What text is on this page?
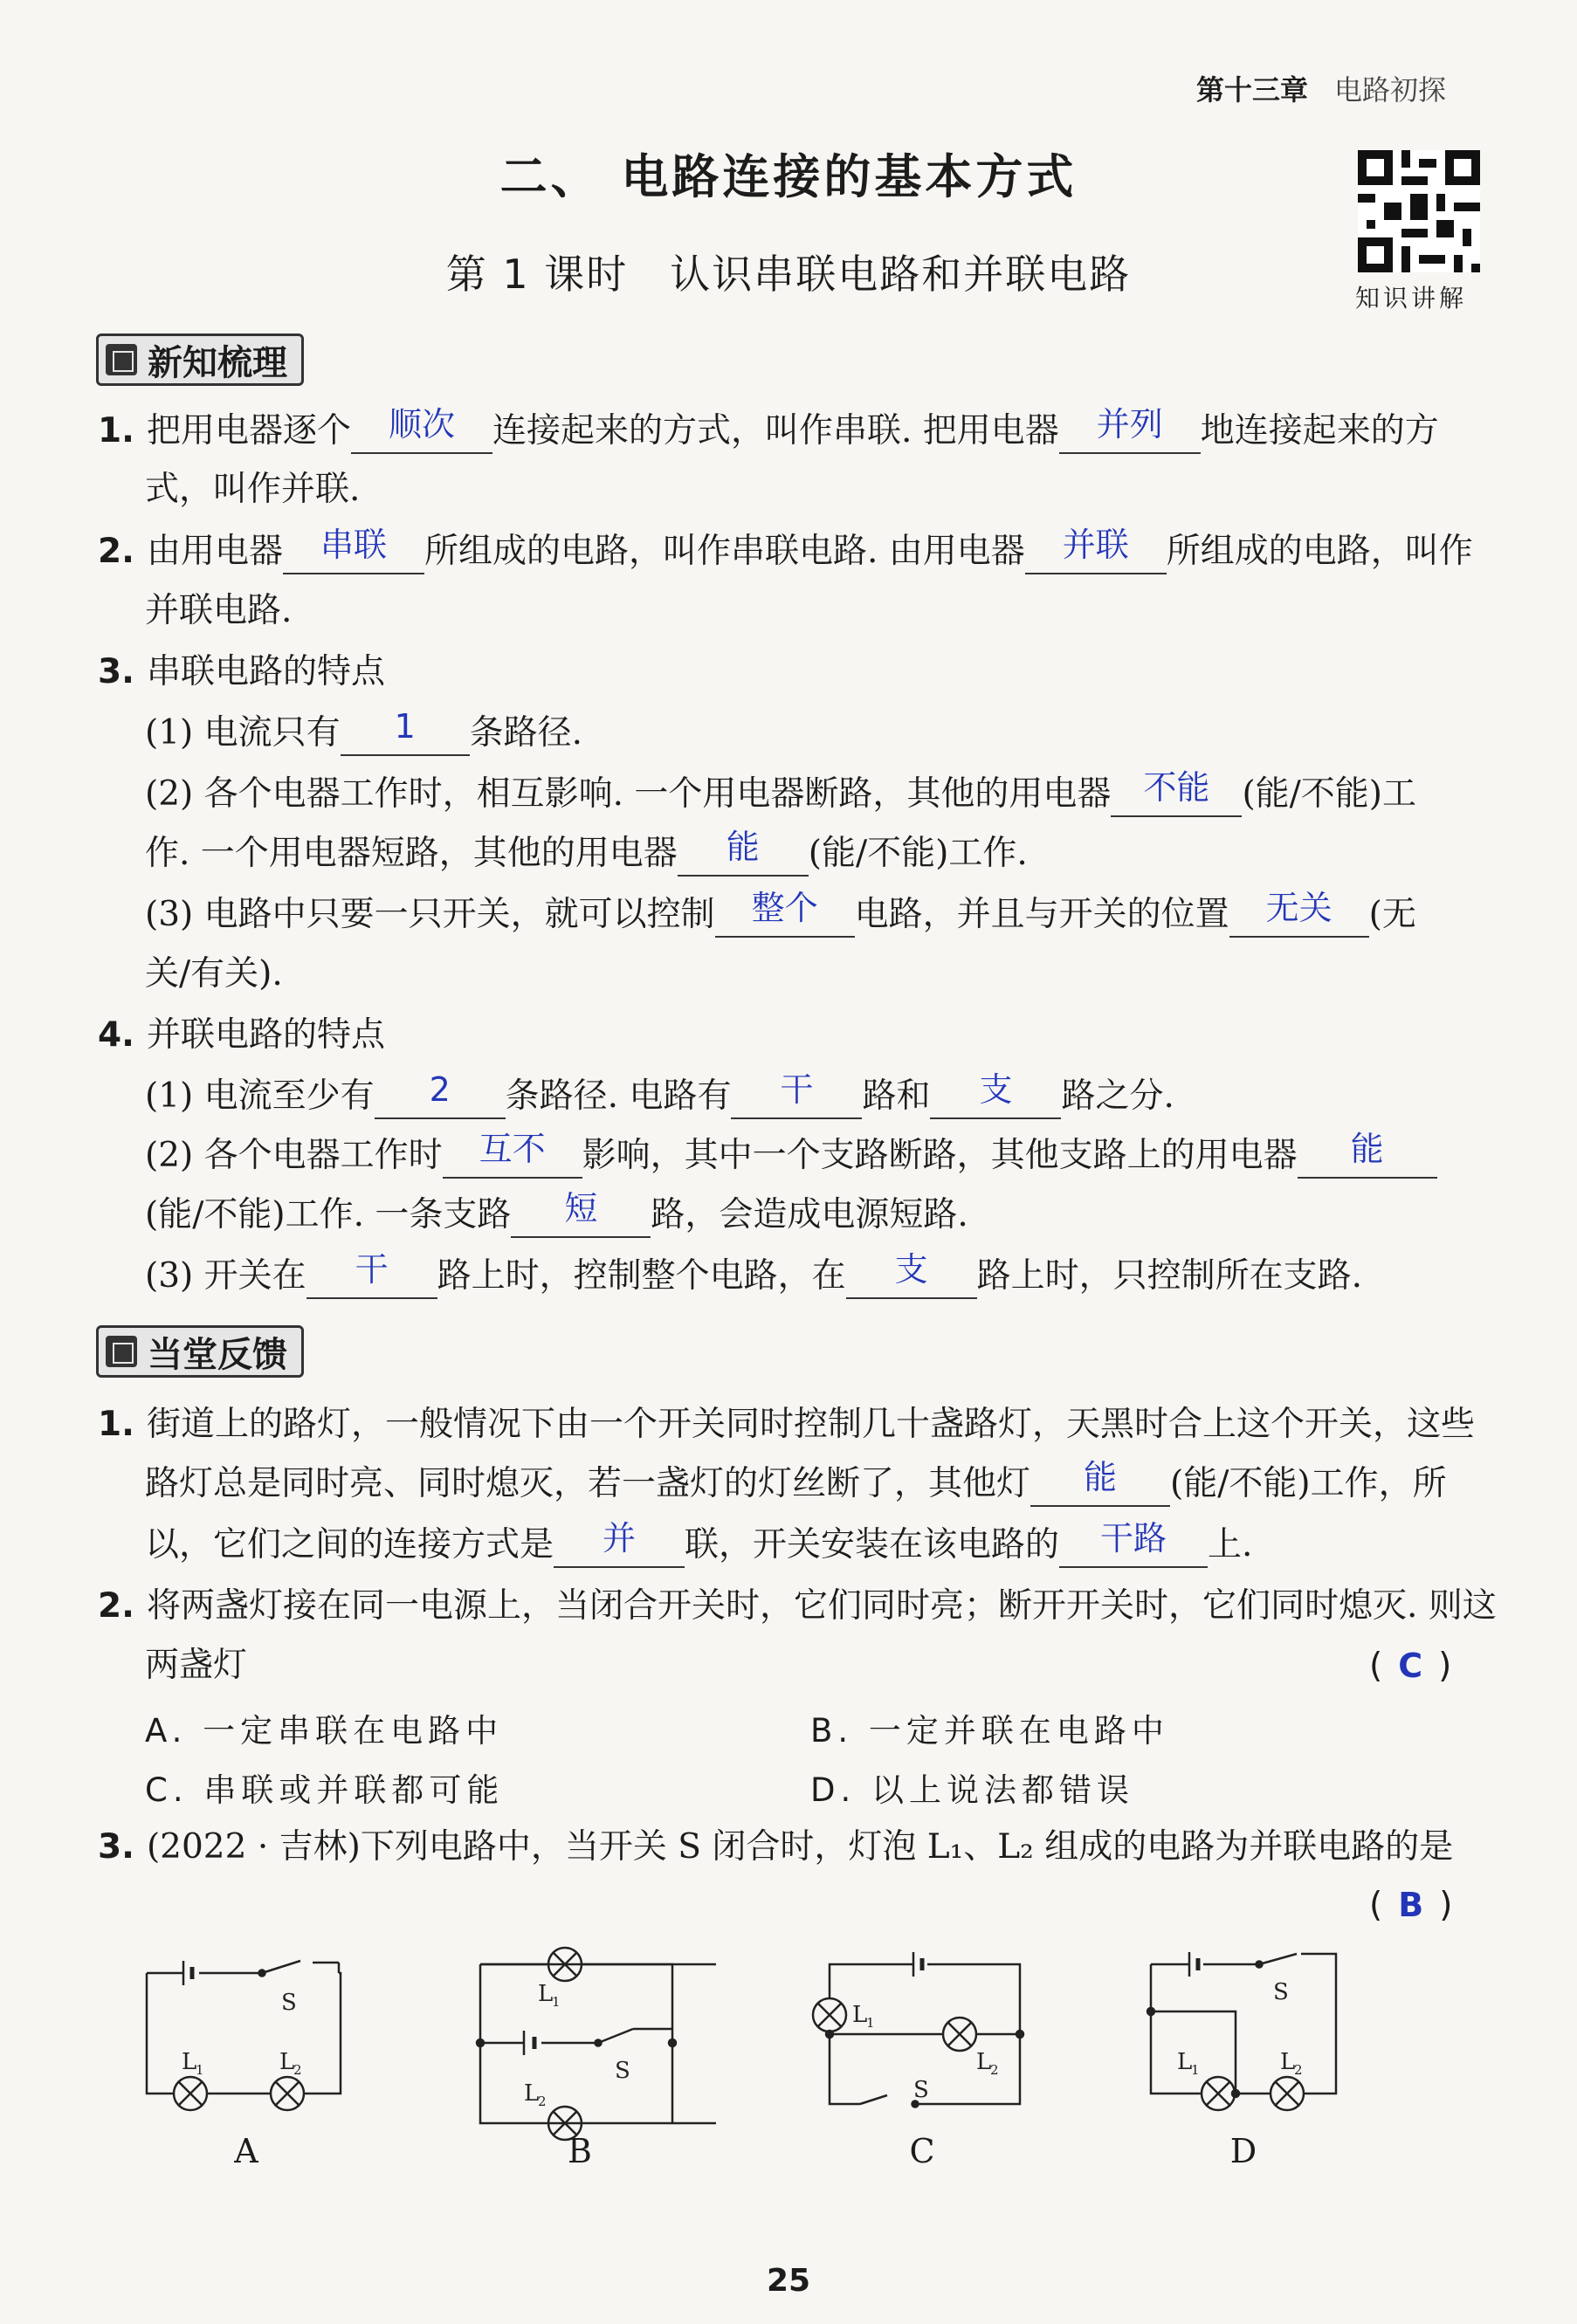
第十三章 电路初探
二、 电路连接的基本方式
第 1 课时　认识串联电路和并联电路
知识讲解
新知梳理
1. 把用电器逐个 顺次 连接起来的方式，叫作串联. 把用电器 并列 地连接起来的方
式，叫作并联.
2. 由用电器 串联 所组成的电路，叫作串联电路. 由用电器 并联 所组成的电路，叫作
并联电路.
3. 串联电路的特点
(1) 电流只有 1 条路径.
(2) 各个电器工作时，相互影响. 一个用电器断路，其他的用电器 不能 (能/不能)工
作. 一个用电器短路，其他的用电器 能 (能/不能)工作.
(3) 电路中只要一只开关，就可以控制 整个 电路，并且与开关的位置 无关 (无
关/有关).
4. 并联电路的特点
(1) 电流至少有 2 条路径. 电路有 干 路和 支 路之分.
(2) 各个电器工作时 互不 影响，其中一个支路断路，其他支路上的用电器 能
(能/不能)工作. 一条支路 短 路，会造成电源短路.
(3) 开关在 干 路上时，控制整个电路，在 支 路上时，只控制所在支路.
当堂反馈
1. 街道上的路灯，一般情况下由一个开关同时控制几十盏路灯，天黑时合上这个开关，这些
路灯总是同时亮、同时熄灭，若一盏灯的灯丝断了，其他灯 能 (能/不能)工作，所
以，它们之间的连接方式是 并 联，开关安装在该电路的 干路 上.
2. 将两盏灯接在同一电源上，当闭合开关时，它们同时亮；断开开关时，它们同时熄灭. 则这
两盏灯	( C )
A. 一定串联在电路中	B. 一定并联在电路中
C. 串联或并联都可能	D. 以上说法都错误
3. (2022 · 吉林)下列电路中，当开关 S 闭合时，灯泡 L₁、L₂ 组成的电路为并联电路的是
( B )
S
L
1	L
2
L
1
S
L
2
L
1
L
2
S
S
L
1	L
2
A	B	C	D
25
